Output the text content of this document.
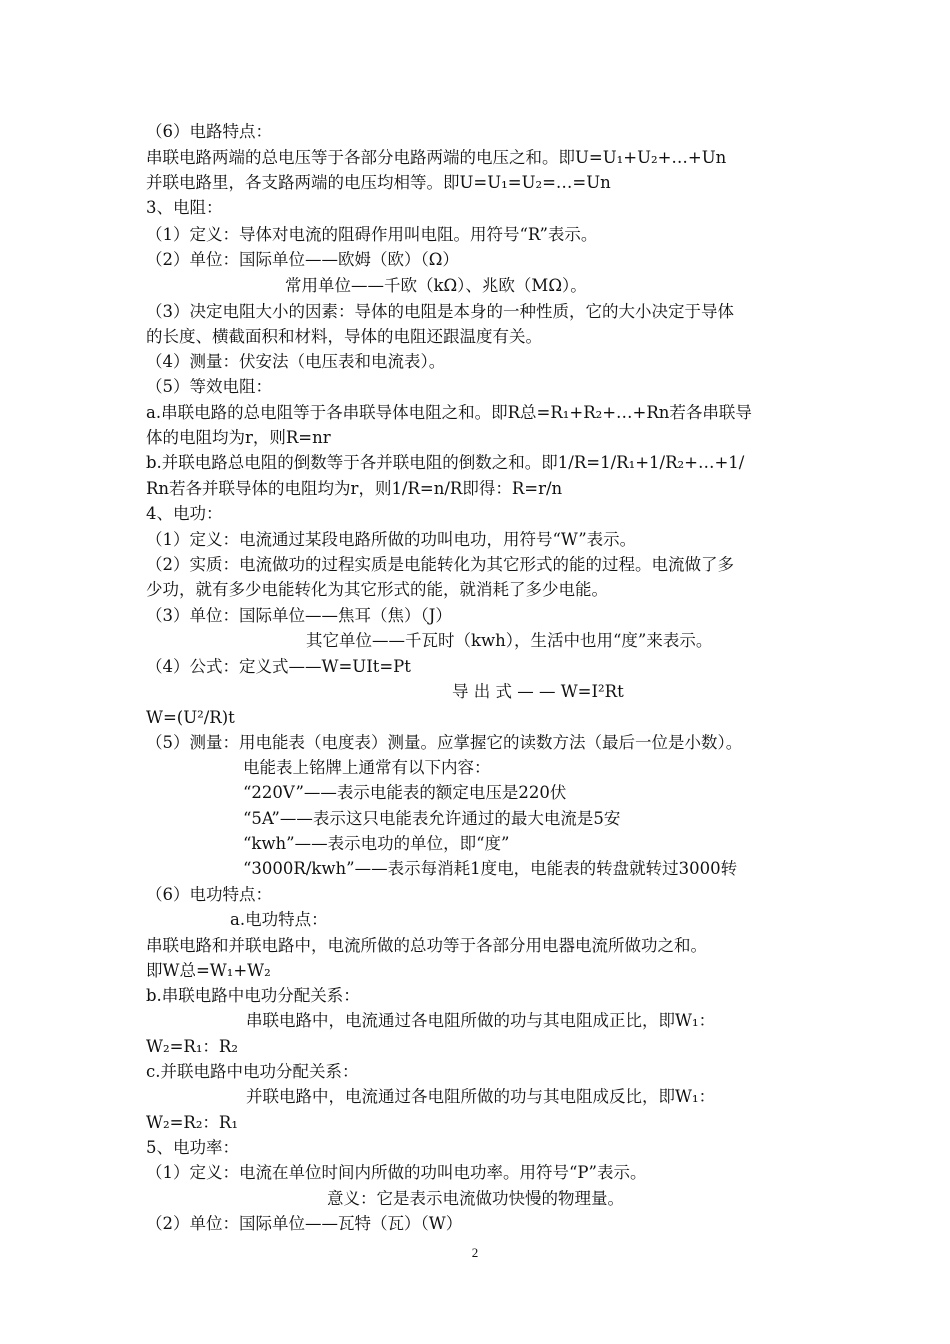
（6）电路特点：
串联电路两端的总电压等于各部分电路两端的电压之和。即U=U₁+U₂+…+Un
并联电路里，各支路两端的电压均相等。即U=U₁=U₂=…=Un
3、电阻：
（1）定义：导体对电流的阻碍作用叫电阻。用符号“R”表示。
（2）单位：国际单位——欧姆（欧）（Ω）
常用单位——千欧（kΩ）、兆欧（MΩ）。
（3）决定电阻大小的因素：导体的电阻是本身的一种性质，它的大小决定于导体
的长度、横截面积和材料，导体的电阻还跟温度有关。
（4）测量：伏安法（电压表和电流表）。
（5）等效电阻：
a.串联电路的总电阻等于各串联导体电阻之和。即R总=R₁+R₂+…+Rn若各串联导
体的电阻均为r，则R=nr
b.并联电路总电阻的倒数等于各并联电阻的倒数之和。即1/R=1/R₁+1/R₂+…+1/
Rn若各并联导体的电阻均为r，则1/R=n/R即得：R=r/n
4、电功：
（1）定义：电流通过某段电路所做的功叫电功，用符号“W”表示。
（2）实质：电流做功的过程实质是电能转化为其它形式的能的过程。电流做了多
少功，就有多少电能转化为其它形式的能，就消耗了多少电能。
（3）单位：国际单位——焦耳（焦）（J）
其它单位——千瓦时（kwh），生活中也用“度”来表示。
（4）公式：定义式——W=UIt=Pt
导 出 式 — — W=I²Rt
W=(U²/R)t
（5）测量：用电能表（电度表）测量。应掌握它的读数方法（最后一位是小数）。
电能表上铭牌上通常有以下内容：
“220V”——表示电能表的额定电压是220伏
“5A”——表示这只电能表允许通过的最大电流是5安
“kwh”——表示电功的单位，即“度”
“3000R/kwh”——表示每消耗1度电，电能表的转盘就转过3000转
（6）电功特点：
a.电功特点：
串联电路和并联电路中，电流所做的总功等于各部分用电器电流所做功之和。
即W总=W₁+W₂
b.串联电路中电功分配关系：
串联电路中，电流通过各电阻所做的功与其电阻成正比，即W₁：
W₂=R₁：R₂
c.并联电路中电功分配关系：
并联电路中，电流通过各电阻所做的功与其电阻成反比，即W₁：
W₂=R₂：R₁
5、电功率：
（1）定义：电流在单位时间内所做的功叫电功率。用符号“P”表示。
意义：它是表示电流做功快慢的物理量。
（2）单位：国际单位——瓦特（瓦）（W）
2
